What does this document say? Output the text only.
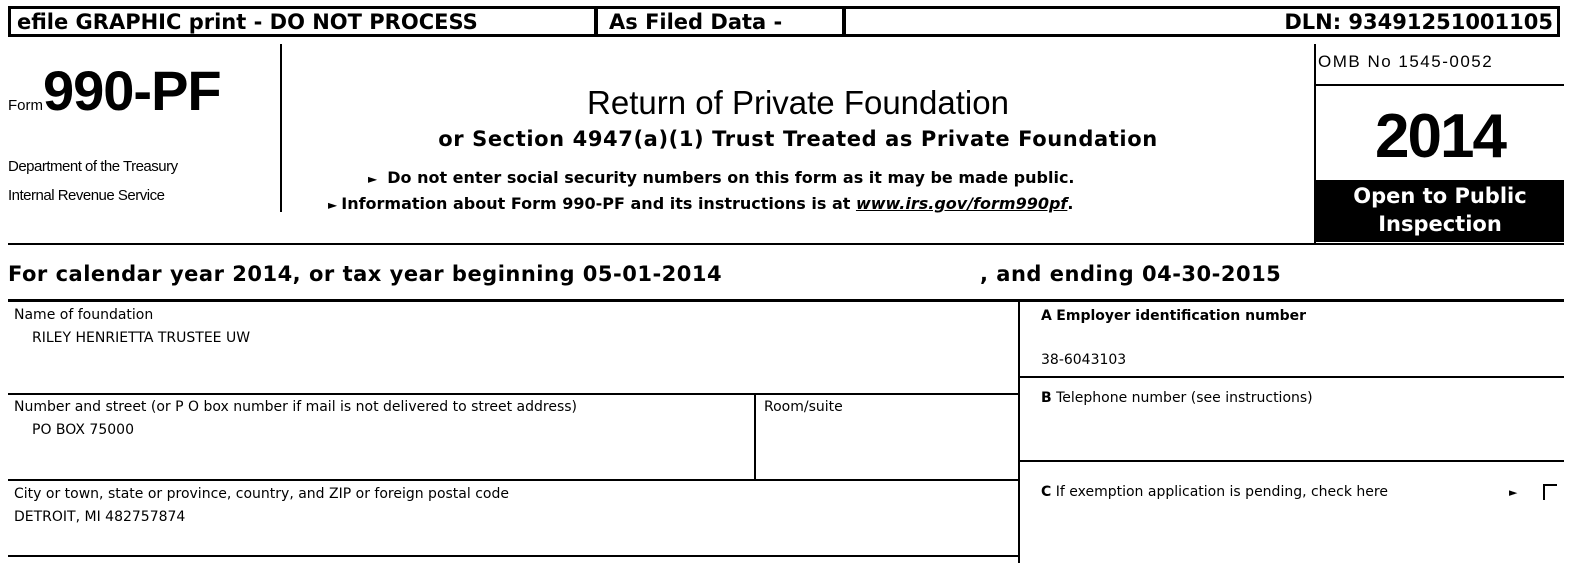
efile GRAPHIC print - DO NOT PROCESS	As Filed Data -	DLN: 93491251001105
Form 990-PF
Department of the Treasury
Internal Revenue Service
Return of Private Foundation
or Section 4947(a)(1) Trust Treated as Private Foundation
► Do not enter social security numbers on this form as it may be made public.
► Information about Form 990-PF and its instructions is at www.irs.gov/form990pf.
OMB No 1545-0052
2014
Open to Public
Inspection
For calendar year 2014, or tax year beginning 05-01-2014	, and ending 04-30-2015
Name of foundation
RILEY HENRIETTA TRUSTEE UW
Number and street (or P O box number if mail is not delivered to street address)
PO BOX 75000
Room/suite
City or town, state or province, country, and ZIP or foreign postal code
DETROIT, MI 482757874
A Employer identification number
38-6043103
B Telephone number (see instructions)
C If exemption application is pending, check here	►
